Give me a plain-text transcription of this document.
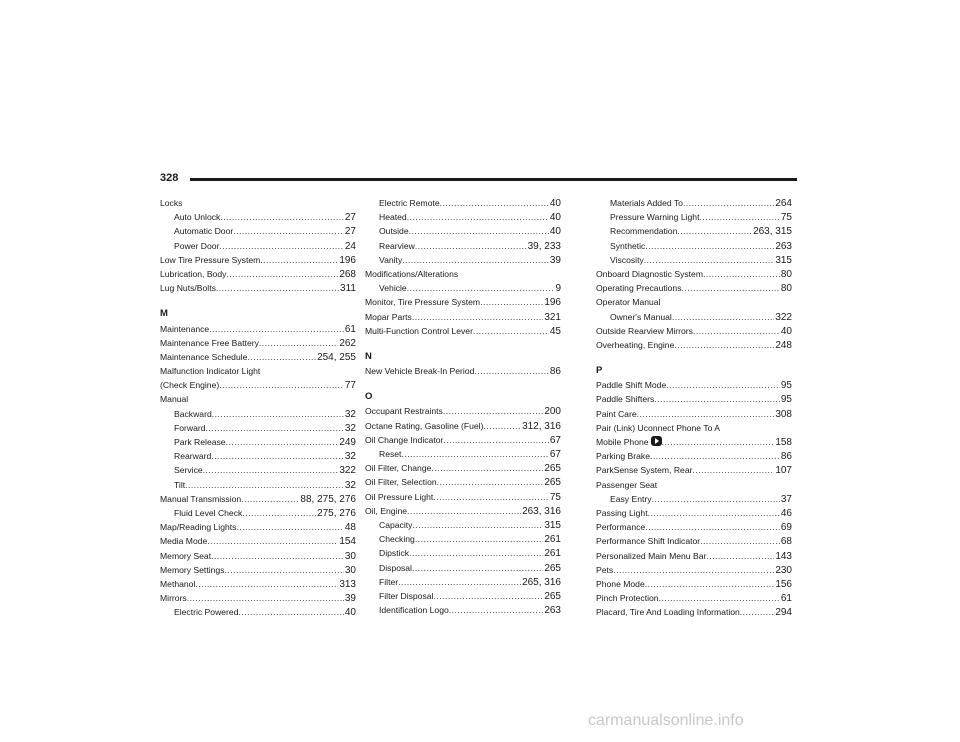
328
Locks
Auto Unlock .....	27
Automatic Door .....	27
Power Door .....	24
Low Tire Pressure System .....	196
Lubrication, Body .....	268
Lug Nuts/Bolts .....	311
M
Maintenance .....	61
Maintenance Free Battery .....	262
Maintenance Schedule .....	254, 255
Malfunction Indicator Light
(Check Engine) .....	77
Manual
Backward .....	32
Forward .....	32
Park Release .....	249
Rearward .....	32
Service .....	322
Tilt .....	32
Manual Transmission .....	88, 275, 276
Fluid Level Check .....	275, 276
Map/Reading Lights .....	48
Media Mode .....	154
Memory Seat .....	30
Memory Settings .....	30
Methanol .....	313
Mirrors .....	39
Electric Powered .....	40
Electric Remote .....	40
Heated .....	40
Outside .....	40
Rearview .....	39, 233
Vanity .....	39
Modifications/Alterations
Vehicle .....	9
Monitor, Tire Pressure System .....	196
Mopar Parts .....	321
Multi-Function Control Lever .....	45
N
New Vehicle Break-In Period .....	86
O
Occupant Restraints .....	200
Octane Rating, Gasoline (Fuel) .....	312, 316
Oil Change Indicator .....	67
Reset .....	67
Oil Filter, Change .....	265
Oil Filter, Selection .....	265
Oil Pressure Light .....	75
Oil, Engine .....	263, 316
Capacity .....	315
Checking .....	261
Dipstick .....	261
Disposal .....	265
Filter .....	265, 316
Filter Disposal .....	265
Identification Logo .....	263
Materials Added To .....	264
Pressure Warning Light .....	75
Recommendation .....	263, 315
Synthetic .....	263
Viscosity .....	315
Onboard Diagnostic System .....	80
Operating Precautions .....	80
Operator Manual
Owner's Manual .....	322
Outside Rearview Mirrors .....	40
Overheating, Engine .....	248
P
Paddle Shift Mode .....	95
Paddle Shifters .....	95
Paint Care .....	308
Pair (Link) Uconnect Phone To A
Mobile Phone .....	158
Parking Brake .....	86
ParkSense System, Rear .....	107
Passenger Seat
Easy Entry .....	37
Passing Light .....	46
Performance .....	69
Performance Shift Indicator .....	68
Personalized Main Menu Bar .....	143
Pets .....	230
Phone Mode .....	156
Pinch Protection .....	61
Placard, Tire And Loading Information .....	294
carmanualsonline.info
